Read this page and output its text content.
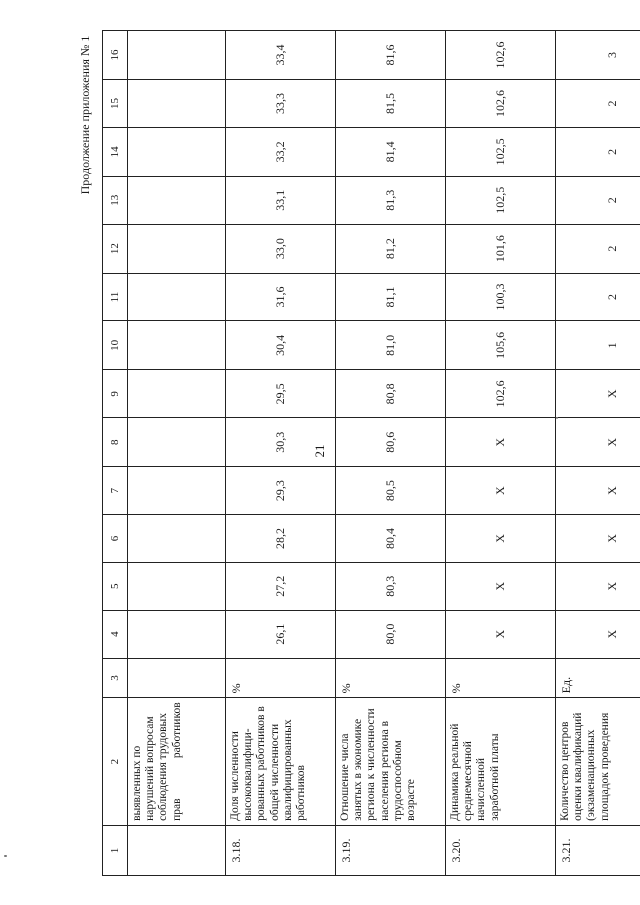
21
Продолжение приложения № 1
1	2	3	4	5	6	7	8	9	10	11	12	13	14	15	16
	выявленных по нарушений вопросам соблюдения трудовых прав работников														
3.18.	Доля численности высококвалифици-рованных работников в общей численности квалифицированных работников	%	26,1	27,2	28,2	29,3	30,3	29,5	30,4	31,6	33,0	33,1	33,2	33,3	33,4
3.19.	Отношение числа занятых в экономике региона к численности населения региона в трудоспособном возрасте	%	80,0	80,3	80,4	80,5	80,6	80,8	81,0	81,1	81,2	81,3	81,4	81,5	81,6
3.20.	Динамика реальной среднемесячной начисленной заработной платы	%	X	X	X	X	X	102,6	105,6	100,3	101,6	102,5	102,5	102,6	102,6
3.21.	Количество центров оценки квалификаций (экзаменационных площадок проведения	Ед.	X	X	X	X	X	X	1	2	2	2	2	2	3
